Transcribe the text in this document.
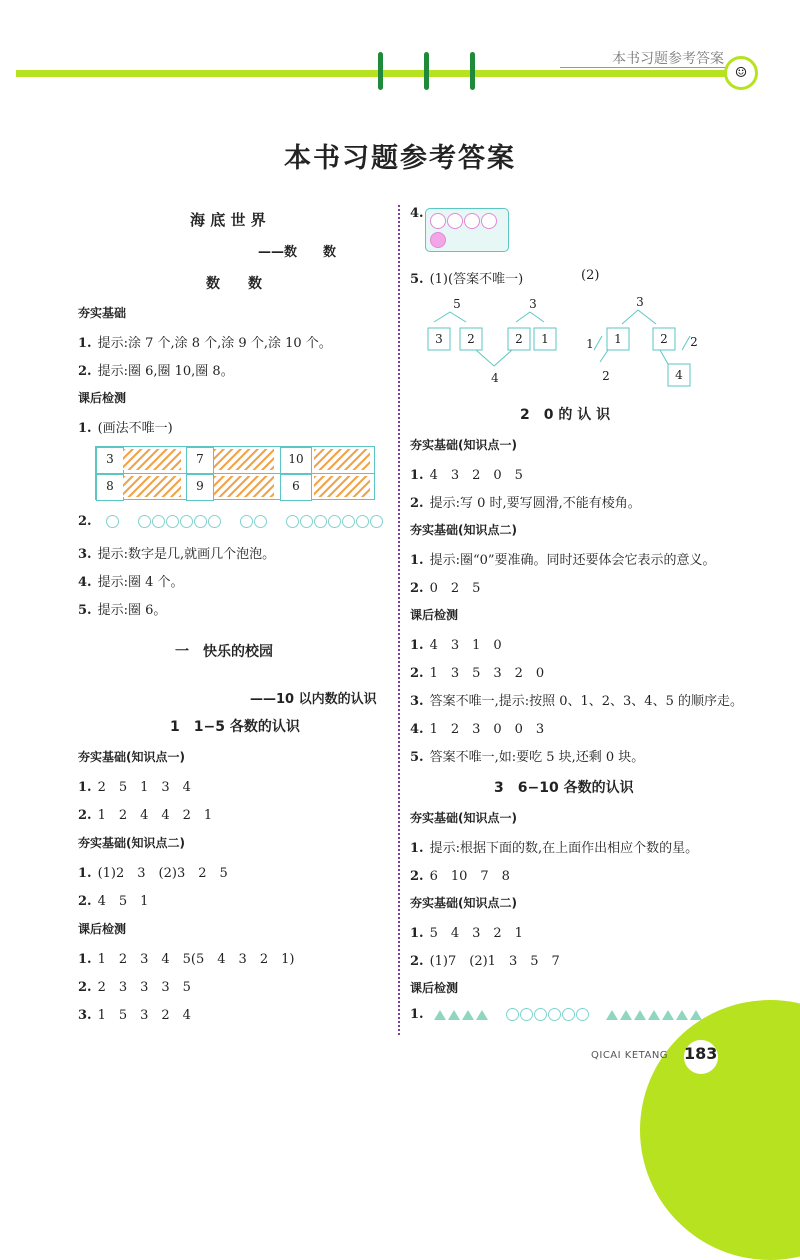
本书习题参考答案
☺
本书习题参考答案
海 底 世 界
——数　　数
数　　数
夯实基础
1. 提示:涂 7 个,涂 8 个,涂 9 个,涂 10 个。
2. 提示:圈 6,圈 10,圈 8。
课后检测
1. (画法不唯一)
3	7	10
8	9	6
2.
3. 提示:数字是几,就画几个泡泡。
4. 提示:圈 4 个。
5. 提示:圈 6。
一　快乐的校园
——10 以内数的认识
1　1−5 各数的认识
夯实基础(知识点一)
1. 2　5　1　3　4
2. 1　2　4　4　2　1
夯实基础(知识点二)
1. (1)2　3　(2)3　2　5
2. 4　5　1
课后检测
1. 1　2　3　4　5(5　4　3　2　1)
2. 2　3　3　3　5
3. 1　5　3　2　4
4.
5. (1)(答案不唯一)	(2)
5	3
3 2	2 1
4
1 1
3
2 2
2	4
2　0 的 认 识
夯实基础(知识点一)
1. 4　3　2　0　5
2. 提示:写 0 时,要写圆滑,不能有棱角。
夯实基础(知识点二)
1. 提示:圈“0”要准确。同时还要体会它表示的意义。
2. 0　2　5
课后检测
1. 4　3　1　0
2. 1　3　5　3　2　0
3. 答案不唯一,提示:按照 0、1、2、3、4、5 的顺序走。
4. 1　2　3　0　0　3
5. 答案不唯一,如:要吃 5 块,还剩 0 块。
3　6−10 各数的认识
夯实基础(知识点一)
1. 提示:根据下面的数,在上面作出相应个数的星。
2. 6　10　7　8
夯实基础(知识点二)
1. 5　4　3　2　1
2. (1)7　(2)1　3　5　7
课后检测
1.
QICAI KETANG 183
